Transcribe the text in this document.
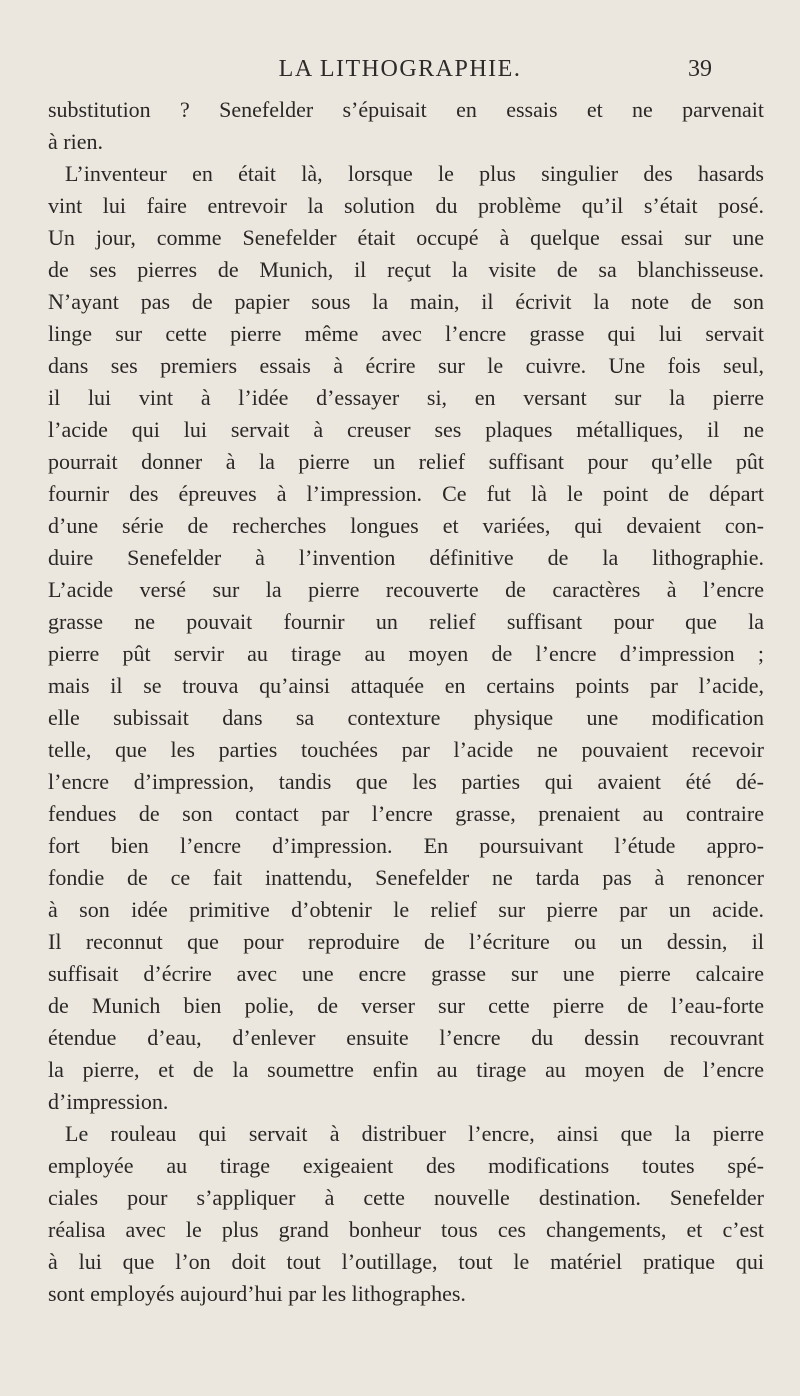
LA LITHOGRAPHIE.	39
substitution ? Senefelder s’épuisait en essais et ne parvenait
à rien.
L’inventeur en était là, lorsque le plus singulier des hasards
vint lui faire entrevoir la solution du problème qu’il s’était posé.
Un jour, comme Senefelder était occupé à quelque essai sur une
de ses pierres de Munich, il reçut la visite de sa blanchisseuse.
N’ayant pas de papier sous la main, il écrivit la note de son
linge sur cette pierre même avec l’encre grasse qui lui servait
dans ses premiers essais à écrire sur le cuivre. Une fois seul,
il lui vint à l’idée d’essayer si, en versant sur la pierre
l’acide qui lui servait à creuser ses plaques métalliques, il ne
pourrait donner à la pierre un relief suffisant pour qu’elle pût
fournir des épreuves à l’impression. Ce fut là le point de départ
d’une série de recherches longues et variées, qui devaient con-
duire Senefelder à l’invention définitive de la lithographie.
L’acide versé sur la pierre recouverte de caractères à l’encre
grasse ne pouvait fournir un relief suffisant pour que la
pierre pût servir au tirage au moyen de l’encre d’impression ;
mais il se trouva qu’ainsi attaquée en certains points par l’acide,
elle subissait dans sa contexture physique une modification
telle, que les parties touchées par l’acide ne pouvaient recevoir
l’encre d’impression, tandis que les parties qui avaient été dé-
fendues de son contact par l’encre grasse, prenaient au contraire
fort bien l’encre d’impression. En poursuivant l’étude appro-
fondie de ce fait inattendu, Senefelder ne tarda pas à renoncer
à son idée primitive d’obtenir le relief sur pierre par un acide.
Il reconnut que pour reproduire de l’écriture ou un dessin, il
suffisait d’écrire avec une encre grasse sur une pierre calcaire
de Munich bien polie, de verser sur cette pierre de l’eau-forte
étendue d’eau, d’enlever ensuite l’encre du dessin recouvrant
la pierre, et de la soumettre enfin au tirage au moyen de l’encre
d’impression.
Le rouleau qui servait à distribuer l’encre, ainsi que la pierre
employée au tirage exigeaient des modifications toutes spé-
ciales pour s’appliquer à cette nouvelle destination. Senefelder
réalisa avec le plus grand bonheur tous ces changements, et c’est
à lui que l’on doit tout l’outillage, tout le matériel pratique qui
sont employés aujourd’hui par les lithographes.
